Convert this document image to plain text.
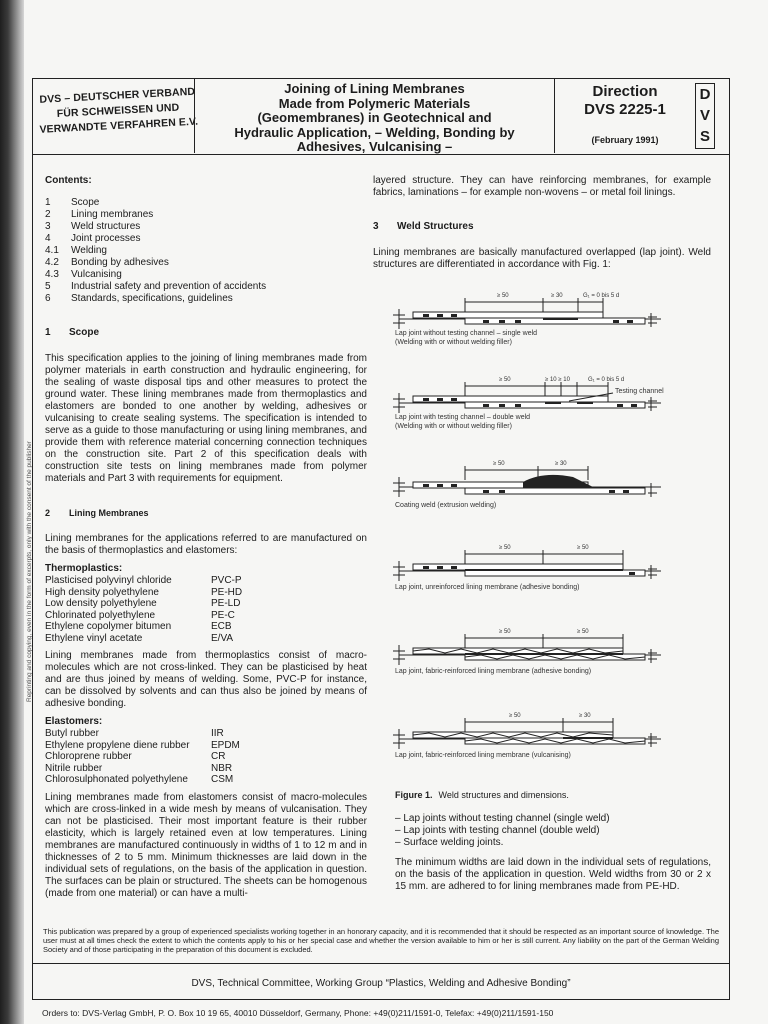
Reprinting and copying, even in the form of excerpts, only with the consent of the publisher
DVS – DEUTSCHER VERBAND
FÜR SCHWEISSEN UND
VERWANDTE VERFAHREN E.V.
Joining of Lining Membranes
Made from Polymeric Materials
(Geomembranes) in Geotechnical and
Hydraulic Application, – Welding, Bonding by
Adhesives, Vulcanising –
Direction
DVS 2225-1
(February 1991)
D
V
S
Contents:
1	Scope
2	Lining membranes
3	Weld structures
4	Joint processes
4.1	Welding
4.2	Bonding by adhesives
4.3	Vulcanising
5	Industrial safety and prevention of accidents
6	Standards, specifications, guidelines
1 Scope

This specification applies to the joining of lining membranes made from polymer materials in earth construction and hydraulic engineering, for the sealing of waste disposal tips and other measures to protect the ground water. These lining membranes made from thermoplastics and elastomers are bonded to one another by welding, adhesives or vulcanising to create sealing systems. The specification is intended to serve as a guide to those manufacturing or using lining membranes, and provide them with reference material concerning connection techniques on the construction site. Part 2 of this specification deals with construction site tests on lining membranes made from polymer materials and Part 3 with requirements for equipment.

2 Lining Membranes

Lining membranes for the applications referred to are manufactured on the basis of thermoplastics and elastomers:

Thermoplastics:
Plasticised polyvinyl chloride	PVC-P
High density polyethylene	PE-HD
Low density polyethylene	PE-LD
Chlorinated polyethylene	PE-C
Ethylene copolymer bitumen	ECB
Ethylene vinyl acetate	E/VA

Lining membranes made from thermoplastics consist of macro-molecules which are not cross-linked. They can be plasticised by heat and are thus joined by means of welding. Some, PVC-P for instance, can be dissolved by solvents and can thus also be joined by means of adhesive bonding.

Elastomers:
Butyl rubber	IIR
Ethylene propylene diene rubber	EPDM
Chloroprene rubber	CR
Nitrile rubber	NBR
Chlorosulphonated polyethylene	CSM

Lining membranes made from elastomers consist of macro-molecules which are cross-linked in a wide mesh by means of vulcanisation. They can not be plasticised. Their most important feature is their rubber elasticity, which is largely retained even at low temperatures. Lining membranes are manufactured continuously in widths of 1 to 12 m and in thicknesses of 2 to 5 mm. Minimum thicknesses are laid down in the individual sets of regulations, on the basis of the application in question. The surfaces can be plain or structured. The sheets can be homogenous (made from one material) or can have a multi-

layered structure. They can have reinforcing membranes, for example fabrics, laminations – for example non-wovens – or metal foil linings.

3 Weld Structures

Lining membranes are basically manufactured overlapped (lap joint). Weld structures are differentiated in accordance with Fig. 1:

≥ 50	≥ 30	G₁ = 0 bis 5 d
Lap joint without testing channel – single weld
(Welding with or without welding filler)
≥ 50	≥ 10 ≥ 10	G₁ = 0 bis 5 d
Testing channel
Lap joint with testing channel – double weld
(Welding with or without welding filler)
≥ 50	≥ 30
Coating weld (extrusion welding)
≥ 50	≥ 50
Lap joint, unreinforced lining membrane (adhesive bonding)
≥ 50	≥ 50
Lap joint, fabric-reinforced lining membrane (adhesive bonding)
≥ 50	≥ 30
Lap joint, fabric-reinforced lining membrane (vulcanising)
Figure 1. Weld structures and dimensions.
– Lap joints without testing channel (single weld)
– Lap joints with testing channel (double weld)
– Surface welding joints.

The minimum widths are laid down in the individual sets of regulations, on the basis of the application in question. Weld widths from 30 or 2 x 15 mm. are adhered to for lining membranes made from PE-HD.

This publication was prepared by a group of experienced specialists working together in an honorary capacity, and it is recommended that it should be respected as an important source of knowledge. The user must at all times check the extent to which the contents apply to his or her special case and whether the version available to him or her is still current. Any liability on the part of the German Welding Society and of those participating in the preparation of this document is excluded.
DVS, Technical Committee, Working Group “Plastics, Welding and Adhesive Bonding”
Orders to: DVS-Verlag GmbH, P. O. Box 10 19 65, 40010 Düsseldorf, Germany, Phone: +49(0)211/1591-0, Telefax: +49(0)211/1591-150
